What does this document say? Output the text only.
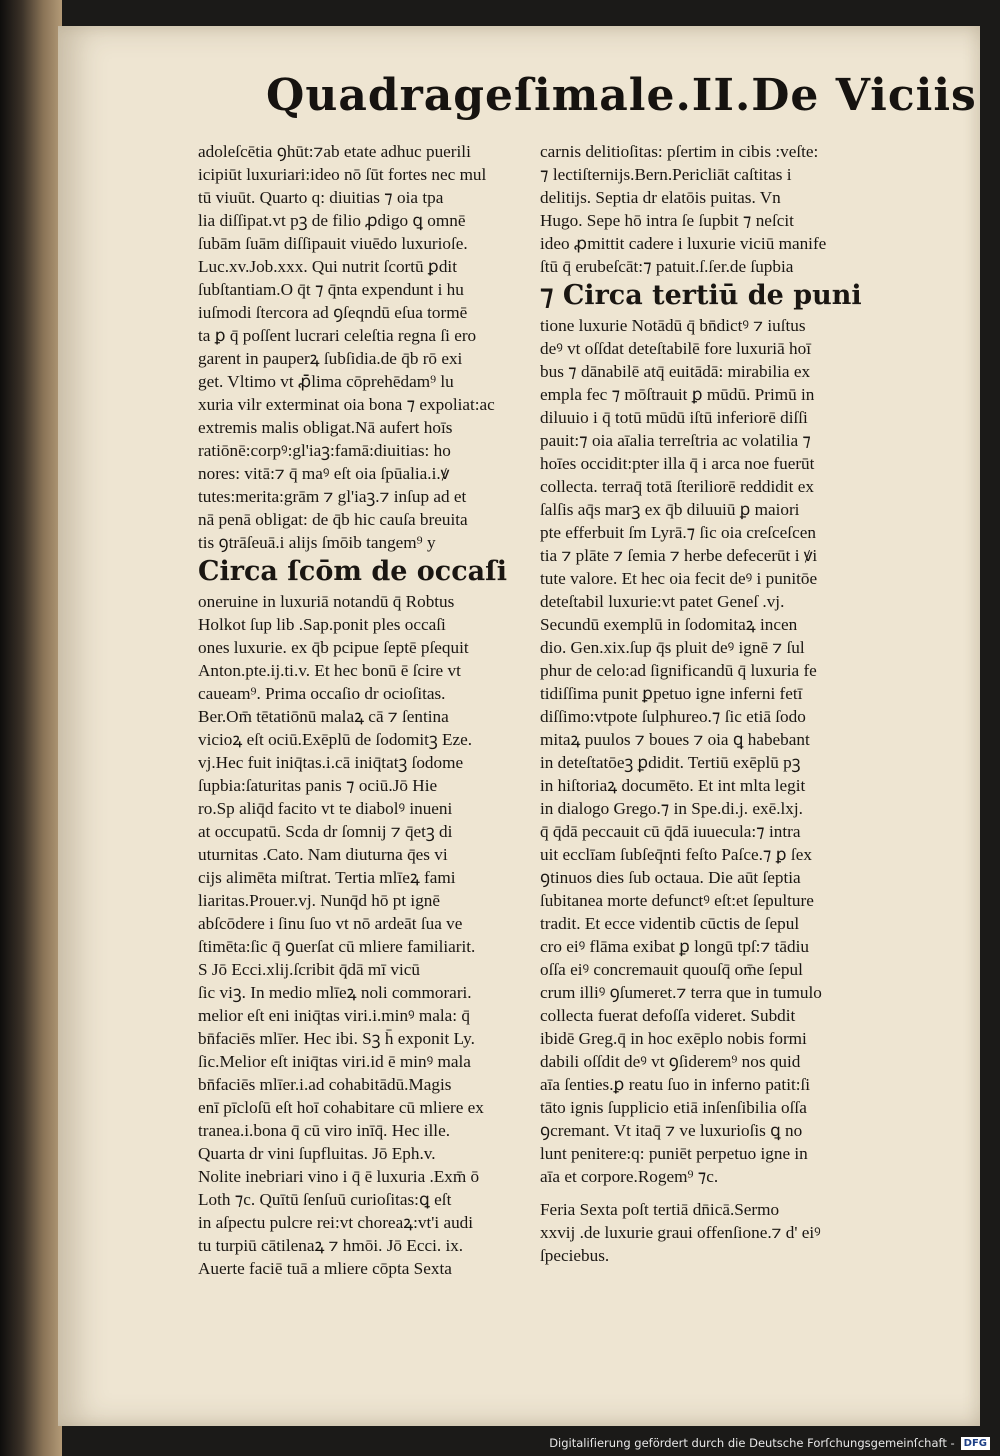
Quadrageſimale.II.De Viciis
adoleſcētia ꝯhūt:⁊ab etate adhuc puerili
icipiūt luxuriari:ideo nō ſūt fortes nec mul
tū viuūt. Quarto q: diuitias ⁊ oia tpa
lia diſſipat.vt pꝫ de filio ꝓdigo ꝗ omnē
ſubām ſuām diſſipauit viuēdo luxurioſe.
Luc.xv.Job.xxx. Qui nutrit ſcortū ꝑdit
ſubſtantiam.O q̄t ⁊ q̄nta expendunt i hu
iuſmodi ſtercora ad ꝯſeqndū eſua tormē
ta ꝑ q̄ poſſent lucrari celeſtia regna ſi ero
garent in pauperꝝ ſubſidia.de q̄b rō exi
get. Vltimo vt ꝓ̄lima cōprehēdam⁹ lu
xuria vilr exterminat oia bona ⁊ expoliat:ac
extremis malis obligat.Nā aufert hoīs
ratiōnē:corpꝰ:gl'iaꝫ:famā:diuitias: ho
nores: vitā:⁊ q̄ maꝰ eſt oia ſpūalia.i.ꝟ
tutes:merita:grām ⁊ gl'iaꝫ.⁊ inſup ad et
nā penā obligat: de q̄b hic cauſa breuita
tis ꝯtrāſeuā.i alijs ſmōib tangem⁹ y
Circa ſcōm de occaſi
oneruine in luxuriā notandū q̄ Robtus
Holkot ſup lib .Sap.ponit ples occaſi
ones luxurie. ex q̄b pcipue ſeptē pſequit
Anton.pte.ij.ti.v. Et hec bonū ē ſcire vt
caueam⁹. Prima occaſio dr ocioſitas.
Ber.Om̄ tētatiōnū malaꝝ cā ⁊ ſentina
vicioꝝ eſt ociū.Exēplū de ſodomitꝫ Eze.
vj.Hec fuit iniq̄tas.i.cā iniq̄tatꝫ ſodome
ſupbia:ſaturitas panis ⁊ ociū.Jō Hie
ro.Sp aliq̄d facito vt te diabolꝰ inueni
at occupatū. Scda dr ſomnij ⁊ q̄etꝫ di
uturnitas .Cato. Nam diuturna q̄es vi
cijs alimēta miſtrat. Tertia mlīeꝝ fami
liaritas.Prouer.vj. Nunq̄d hō pt ignē
abſcōdere i ſinu ſuo vt nō ardeāt ſua ve
ſtimēta:ſic q̄ ꝯuerſat cū mliere familiarit.
S Jō Ecci.xlij.ſcribit q̄dā mī vicū
ſic viꝫ. In medio mlīeꝝ noli commorari.
melior eſt eni iniq̄tas viri.i.minꝰ mala: q̄
bn̄faciēs mlīer. Hec ibi. Sꝫ h̄ exponit Ly.
ſic.Melior eſt iniq̄tas viri.id ē minꝰ mala
bn̄faciēs mlīer.i.ad cohabitādū.Magis
enī pīcloſū eſt hoī cohabitare cū mliere ex
tranea.i.bona q̄ cū viro inīq̄. Hec ille.
Quarta dr vini ſupfluitas. Jō Eph.v.
Nolite inebriari vino i q̄ ē luxuria .Exm̄ ō
Loth ⁊c. Quītū ſenſuū curioſitas:ꝗ eſt
in aſpectu pulcre rei:vt choreaꝝ:vt'i audi
tu turpiū cātilenaꝝ ⁊ hmōi. Jō Ecci. ix.
Auerte faciē tuā a mliere cōpta Sexta
carnis delitioſitas: pſertim in cibis :veſte:
⁊ lectiſternijs.Bern.Pericliāt caſtitas i
delitijs. Septia dr elatōis puitas. Vn
Hugo. Sepe hō intra ſe ſupbit ⁊ neſcit
ideo ꝓmittit cadere i luxurie viciū manife
ſtū q̄ erubeſcāt:⁊ patuit.ſ.ſer.de ſupbia
⁊ Circa tertiū de puni
tione luxurie Notādū q̄ bn̄dictꝰ ⁊ iuſtus
deꝰ vt oſſdat deteſtabilē fore luxuriā hoī
bus ⁊ dānabilē atq̄ euitādā: mirabilia ex
empla fec ⁊ mōſtrauit ꝑ mūdū. Primū in
diluuio i q̄ totū mūdū iſtū inferiorē diſſi
pauit:⁊ oia aīalia terreſtria ac volatilia ⁊
hoīes occidit:pter illa q̄ i arca noe fuerūt
collecta. terraq̄ totā ſteriliorē reddidit ex
ſalſis aq̄s marꝫ ex q̄b diluuiū ꝑ maiori
pte efferbuit ſm Lyrā.⁊ ſic oia creſceſcen
tia ⁊ plāte ⁊ ſemia ⁊ herbe defecerūt i ꝟi
tute valore. Et hec oia fecit deꝰ i punitōe
deteſtabil luxurie:vt patet Geneſ .vj.
Secundū exemplū in ſodomitaꝝ incen
dio. Gen.xix.ſup q̄s pluit deꝰ ignē ⁊ ſul
phur de celo:ad ſignificandū q̄ luxuria fe
tidiſſima punit ꝑpetuo igne inferni fetī
diſſimo:vtpote ſulphureo.⁊ ſic etiā ſodo
mitaꝝ puulos ⁊ boues ⁊ oia ꝗ habebant
in deteſtatōeꝫ ꝑdidit. Tertiū exēplū pꝫ
in hiſtoriaꝝ documēto. Et int mlta legit
in dialogo Grego.⁊ in Spe.di.j. exē.lxj.
q̄ q̄dā peccauit cū q̄dā iuuecula:⁊ intra
uit ecclīam ſubſeq̄nti feſto Paſce.⁊ ꝑ ſex
ꝯtinuos dies ſub octaua. Die aūt ſeptia
ſubitanea morte defunctꝰ eſt:et ſepulture
tradit. Et ecce videntib cūctis de ſepul
cro eiꝰ flāma exibat ꝑ longū tpſ:⁊ tādiu
oſſa eiꝰ concremauit quouſq̄ om̄e ſepul
crum illiꝰ ꝯſumeret.⁊ terra que in tumulo
collecta fuerat defoſſa videret. Subdit
ibidē Greg.q̄ in hoc exēplo nobis formi
dabili oſſdit deꝰ vt ꝯſiderem⁹ nos quid
aīa ſenties.ꝑ reatu ſuo in inferno patit:ſi
tāto ignis ſupplicio etiā inſenſibilia oſſa
ꝯcremant. Vt itaq̄ ⁊ ve luxurioſis ꝗ no
lunt penitere:q: puniēt perpetuo igne in
aīa et corpore.Rogem⁹ ⁊c.
Feria Sexta poſt tertiā dn̄icā.Sermo
xxvij .de luxurie graui offenſione.⁊ d' eiꝰ
ſpeciebus.
Digitaliſierung gefördert durch die Deutsche Forſchungsgemeinſchaft - DFG
